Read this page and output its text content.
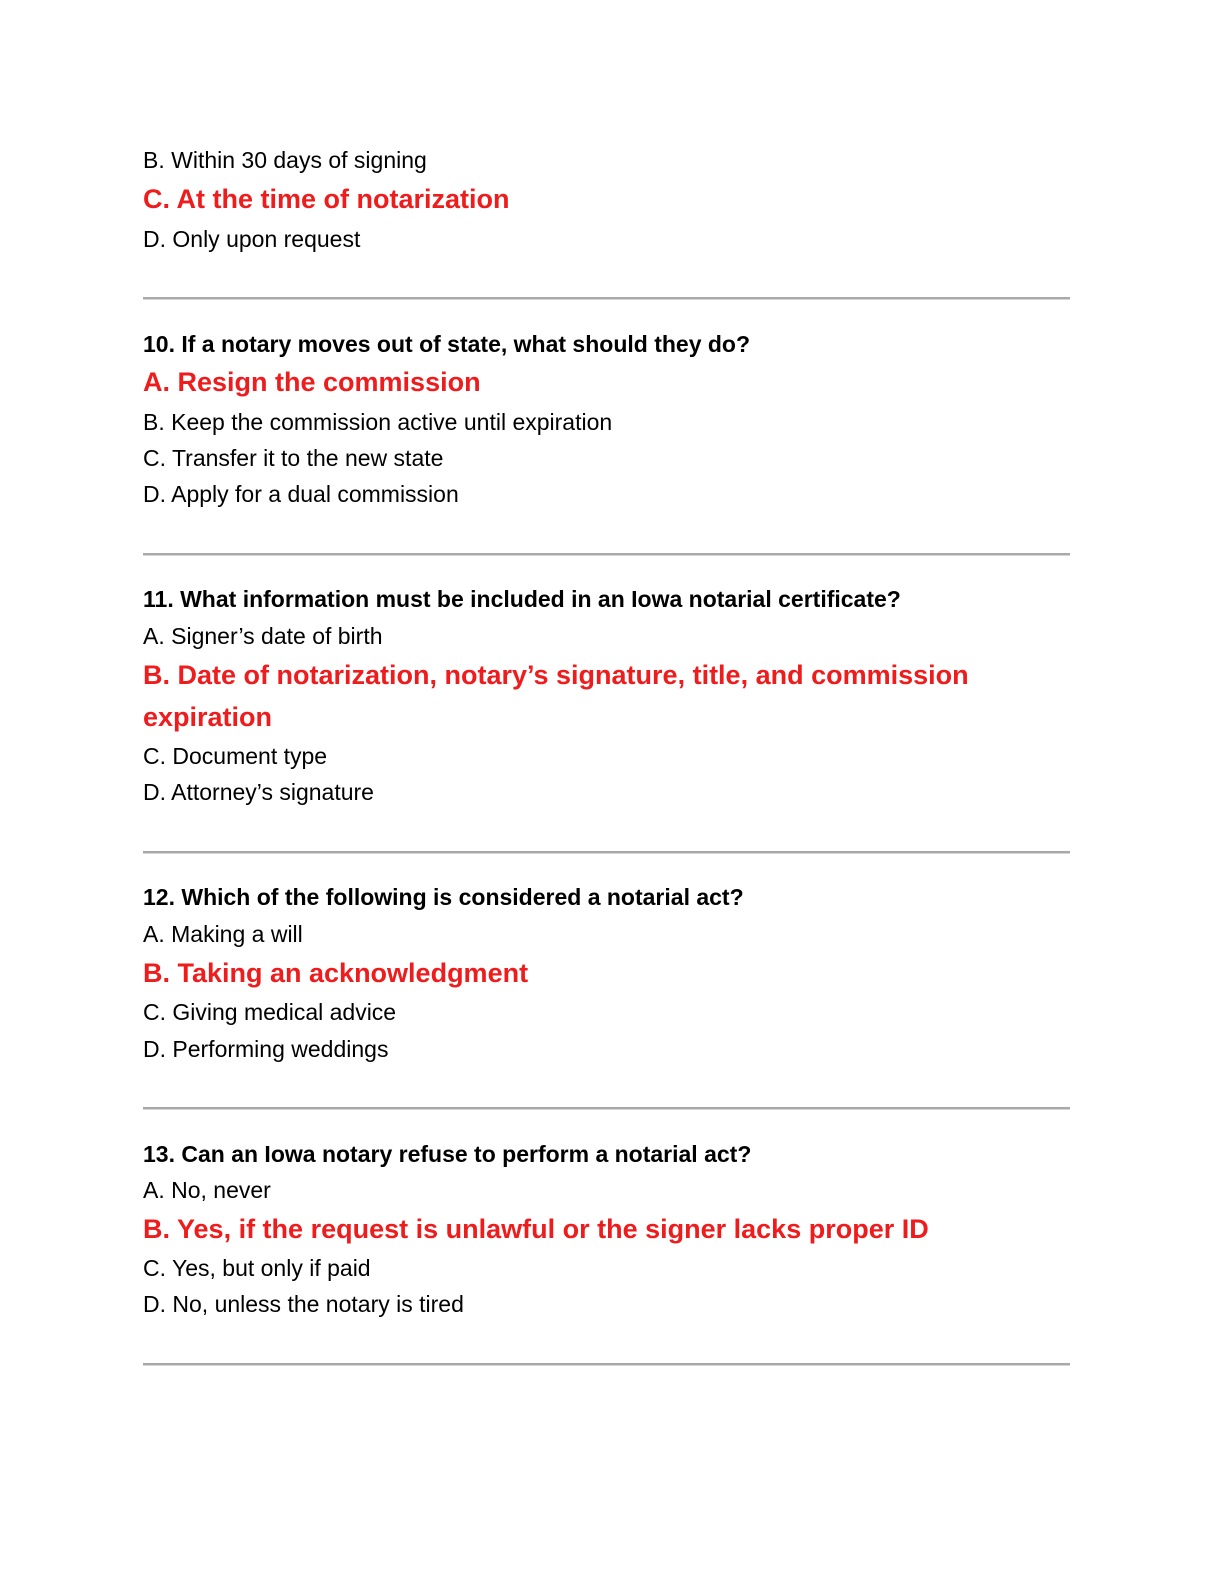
B. Within 30 days of signing

C. At the time of notarization

D. Only upon request

10. If a notary moves out of state, what should they do?

A. Resign the commission

B. Keep the commission active until expiration

C. Transfer it to the new state

D. Apply for a dual commission

11. What information must be included in an Iowa notarial certificate?

A. Signer’s date of birth

B. Date of notarization, notary’s signature, title, and commission

expiration

C. Document type

D. Attorney’s signature

12. Which of the following is considered a notarial act?

A. Making a will

B. Taking an acknowledgment

C. Giving medical advice

D. Performing weddings

13. Can an Iowa notary refuse to perform a notarial act?

A. No, never

B. Yes, if the request is unlawful or the signer lacks proper ID

C. Yes, but only if paid

D. No, unless the notary is tired
